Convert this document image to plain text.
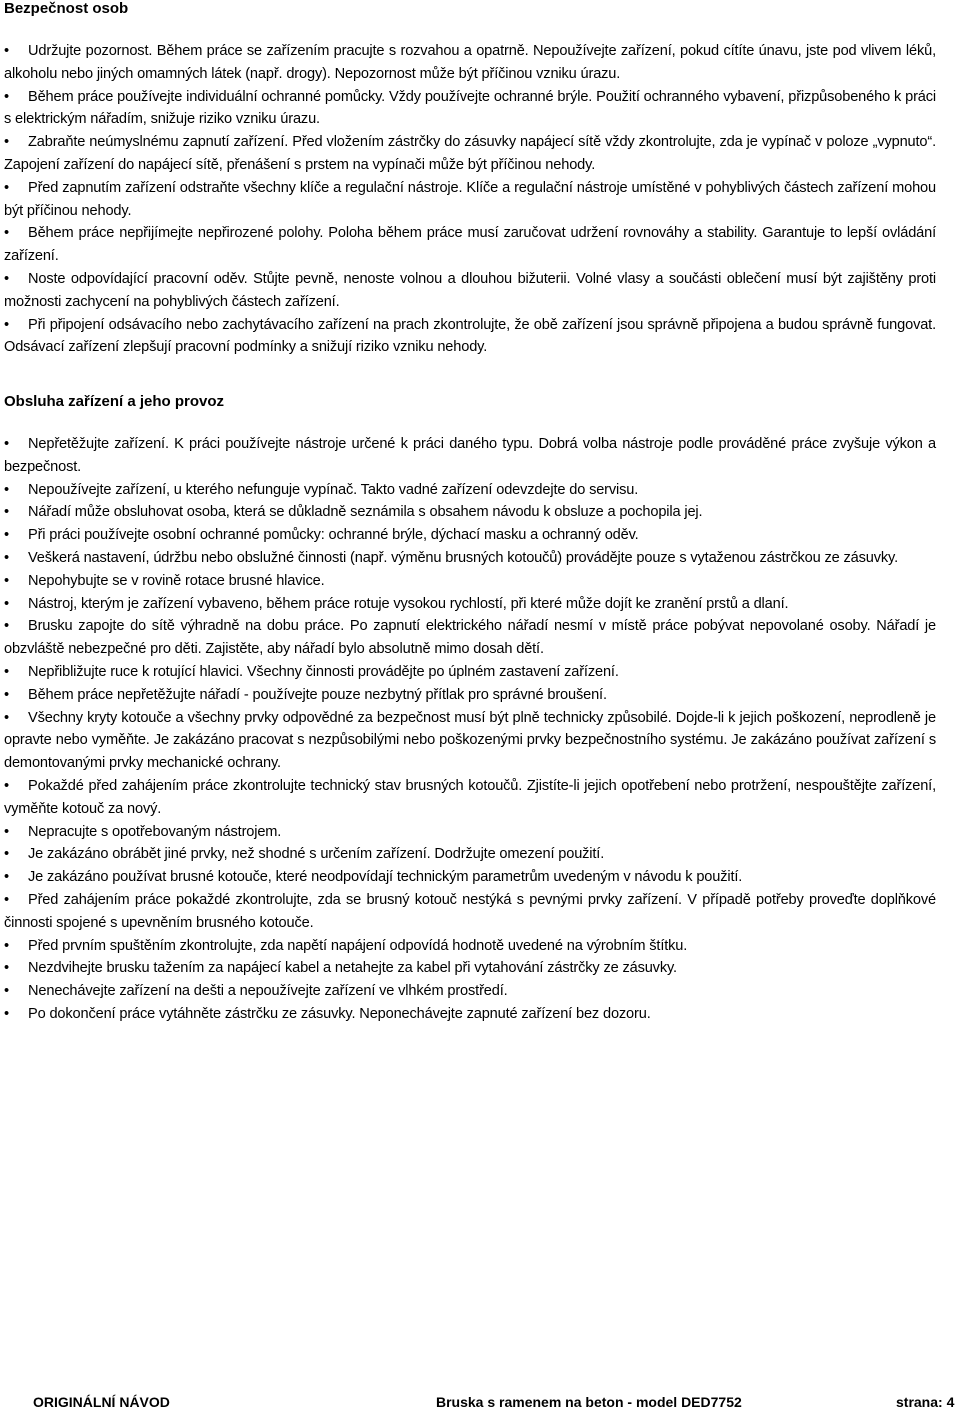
Bezpečnost osob
• Udržujte pozornost. Během práce se zařízením pracujte s rozvahou a opatrně. Nepoužívejte zařízení, pokud cítíte únavu, jste pod vlivem léků, alkoholu nebo jiných omamných látek (např. drogy). Nepozornost může být příčinou vzniku úrazu.
• Během práce používejte individuální ochranné pomůcky. Vždy používejte ochranné brýle. Použití ochranného vybavení, přizpůsobeného k práci s elektrickým nářadím, snižuje riziko vzniku úrazu.
• Zabraňte neúmyslnému zapnutí zařízení. Před vložením zástrčky do zásuvky napájecí sítě vždy zkontrolujte, zda je vypínač v poloze „vypnuto“. Zapojení zařízení do napájecí sítě, přenášení s prstem na vypínači může být příčinou nehody.
• Před zapnutím zařízení odstraňte všechny klíče a regulační nástroje. Klíče a regulační nástroje umístěné v pohyblivých částech zařízení mohou být příčinou nehody.
• Během práce nepřijímejte nepřirozené polohy. Poloha během práce musí zaručovat udržení rovnováhy a stability. Garantuje to lepší ovládání zařízení.
• Noste odpovídající pracovní oděv. Stůjte pevně, nenoste volnou a dlouhou bižuterii. Volné vlasy a součásti oblečení musí být zajištěny proti možnosti zachycení na pohyblivých částech zařízení.
• Při připojení odsávacího nebo zachytávacího zařízení na prach zkontrolujte, že obě zařízení jsou správně připojena a budou správně fungovat. Odsávací zařízení zlepšují pracovní podmínky a snižují riziko vzniku nehody.
Obsluha zařízení a jeho provoz
• Nepřetěžujte zařízení. K práci používejte nástroje určené k práci daného typu. Dobrá volba nástroje podle prováděné práce zvyšuje výkon a bezpečnost.
• Nepoužívejte zařízení, u kterého nefunguje vypínač. Takto vadné zařízení odevzdejte do servisu.
• Nářadí může obsluhovat osoba, která se důkladně seznámila s obsahem návodu k obsluze a pochopila jej.
• Při práci používejte osobní ochranné pomůcky: ochranné brýle, dýchací masku a ochranný oděv.
• Veškerá nastavení, údržbu nebo obslužné činnosti (např. výměnu brusných kotoučů) provádějte pouze s vytaženou zástrčkou ze zásuvky.
• Nepohybujte se v rovině rotace brusné hlavice.
• Nástroj, kterým je zařízení vybaveno, během práce rotuje vysokou rychlostí, při které může dojít ke zranění prstů a dlaní.
• Brusku zapojte do sítě výhradně na dobu práce. Po zapnutí elektrického nářadí nesmí v místě práce pobývat nepovolané osoby. Nářadí je obzvláště nebezpečné pro děti. Zajistěte, aby nářadí bylo absolutně mimo dosah dětí.
• Nepřibližujte ruce k rotující hlavici. Všechny činnosti provádějte po úplném zastavení zařízení.
• Během práce nepřetěžujte nářadí - používejte pouze nezbytný přítlak pro správné broušení.
• Všechny kryty kotouče a všechny prvky odpovědné za bezpečnost musí být plně technicky způsobilé. Dojde-li k jejich poškození, neprodleně je opravte nebo vyměňte. Je zakázáno pracovat s nezpůsobilými nebo poškozenými prvky bezpečnostního systému. Je zakázáno používat zařízení s demontovanými prvky mechanické ochrany.
• Pokaždé před zahájením práce zkontrolujte technický stav brusných kotoučů. Zjistíte-li jejich opotřebení nebo protržení, nespouštějte zařízení, vyměňte kotouč za nový.
• Nepracujte s opotřebovaným nástrojem.
• Je zakázáno obrábět jiné prvky, než shodné s určením zařízení. Dodržujte omezení použití.
• Je zakázáno používat brusné kotouče, které neodpovídají technickým parametrům uvedeným v návodu k použití.
• Před zahájením práce pokaždé zkontrolujte, zda se brusný kotouč nestýká s pevnými prvky zařízení. V případě potřeby proveďte doplňkové činnosti spojené s upevněním brusného kotouče.
• Před prvním spuštěním zkontrolujte, zda napětí napájení odpovídá hodnotě uvedené na výrobním štítku.
• Nezdvihejte brusku tažením za napájecí kabel a netahejte za kabel při vytahování zástrčky ze zásuvky.
• Nenechávejte zařízení na dešti a nepoužívejte zařízení ve vlhkém prostředí.
• Po dokončení práce vytáhněte zástrčku ze zásuvky. Neponechávejte zapnuté zařízení bez dozoru.
ORIGINÁLNÍ NÁVOD	Bruska s ramenem na beton - model DED7752	strana: 4
